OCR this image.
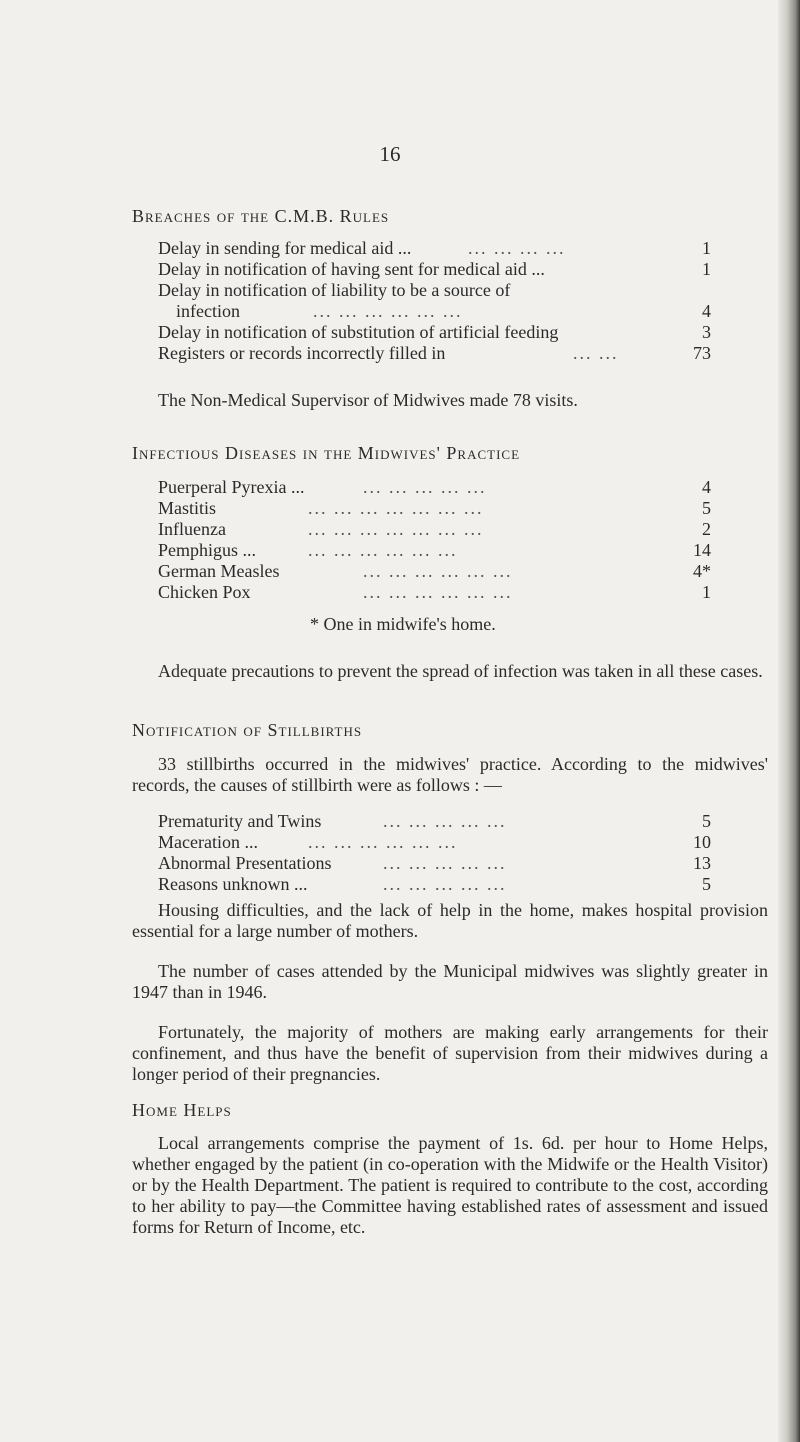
16
Breaches of the C.M.B. Rules
Delay in sending for medical aid ...	... ... ... ...	1
Delay in notification of having sent for medical aid ...	1
Delay in notification of liability to be a source of
infection	... ... ... ... ... ...	4
Delay in notification of substitution of artificial feeding	3
Registers or records incorrectly filled in	... ...	73
The Non-Medical Supervisor of Midwives made 78 visits.
Infectious Diseases in the Midwives' Practice
Puerperal Pyrexia ...	... ... ... ... ...	4
Mastitis	... ... ... ... ... ... ...	5
Influenza	... ... ... ... ... ... ...	2
Pemphigus ...	... ... ... ... ... ...	14
German Measles	... ... ... ... ... ...	4*
Chicken Pox	... ... ... ... ... ...	1
* One in midwife's home.
Adequate precautions to prevent the spread of infection was taken in all these cases.
Notification of Stillbirths
33 stillbirths occurred in the midwives' practice. According to the midwives' records, the causes of stillbirth were as follows : —
Prematurity and Twins	... ... ... ... ...	5
Maceration ...	... ... ... ... ... ...	10
Abnormal Presentations	... ... ... ... ...	13
Reasons unknown ...	... ... ... ... ...	5
Housing difficulties, and the lack of help in the home, makes hospital provision essential for a large number of mothers.
The number of cases attended by the Municipal midwives was slightly greater in 1947 than in 1946.
Fortunately, the majority of mothers are making early arrangements for their confinement, and thus have the benefit of supervision from their midwives during a longer period of their pregnancies.
Home Helps
Local arrangements comprise the payment of 1s. 6d. per hour to Home Helps, whether engaged by the patient (in co-operation with the Midwife or the Health Visitor) or by the Health Department. The patient is required to contribute to the cost, according to her ability to pay—the Committee having established rates of assessment and issued forms for Return of Income, etc.
